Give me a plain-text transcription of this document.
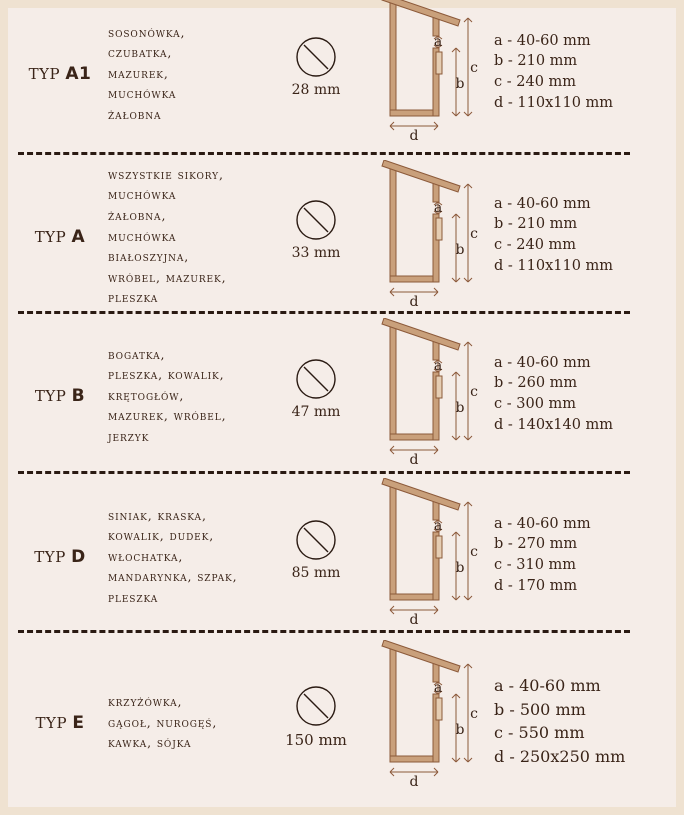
TYP A1
sosonówka,
czubatka,
mazurek,
muchówka
żałobna
28 mm
a
b
c
d
a - 40-60 mm
b - 210 mm
c - 240 mm
d - 110x110 mm
TYP A
wszystkie sikory,
muchówka
żałobna,
muchówka
białoszyjna,
wróbel, mazurek,
pleszka
33 mm
a
b
c
d
a - 40-60 mm
b - 210 mm
c - 240 mm
d - 110x110 mm
TYP B
bogatka,
pleszka, kowalik,
krętogłów,
mazurek, wróbel,
jerzyk
47 mm
a
b
c
d
a - 40-60 mm
b - 260 mm
c - 300 mm
d - 140x140 mm
TYP D
siniak, kraska,
kowalik, dudek,
włochatka,
mandarynka, szpak,
pleszka
85 mm
a
b
c
d
a - 40-60 mm
b - 270 mm
c - 310 mm
d - 170 mm
TYP E
krzyżówka,
gągoł, nurogęś,
kawka, sójka	150 mm
a
b
c
d
a - 40-60 mm
b - 500 mm
c - 550 mm
d - 250x250 mm
